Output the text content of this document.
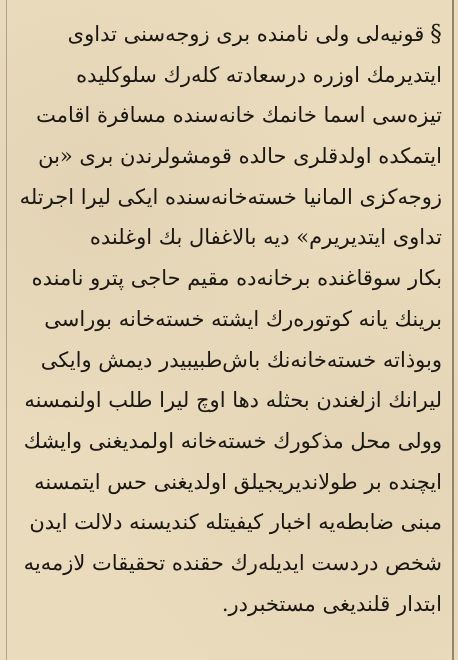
§قونیه‌لی ولی نامنده بری زوجه‌سنی تداوی
ایتدیرمك اوزره درسعادته كله‌رك سلوكلیده
تیزه‌سی اسما خانمك خانه‌سنده مسافرة اقامت
ایتمكده اولدقلری حالده قومشولرندن بری «بن
زوجه‌كزی المانیا خسته‌خانه‌سنده ایكی لیرا اجرتله
تداوی ایتدیریرم» دیه بالاغفال بك اوغلنده
بكار سوقاغنده برخانه‌ده مقیم حاجی پترو نامنده
برینك یانه كوتوره‌رك ایشته خسته‌خانه بوراسی
وبوذاته خسته‌خانه‌نك باش‌طبیبیدر دیمش وایكی
لیرانك ازلغندن بحثله دها اوچ لیرا طلب اولنمسنه
وولی محل مذكورك خسته‌خانه اولمدیغنی وایشك
ایچنده بر طولاندیریجیلق اولدیغنی حس ایتمسنه
مبنی ضابطه‌یه اخبار كیفیتله كندیسنه دلالت ایدن
شخص دردست ایدیله‌رك حقنده تحقیقات لازمه‌یه
ابتدار قلندیغی مستخبردر.
